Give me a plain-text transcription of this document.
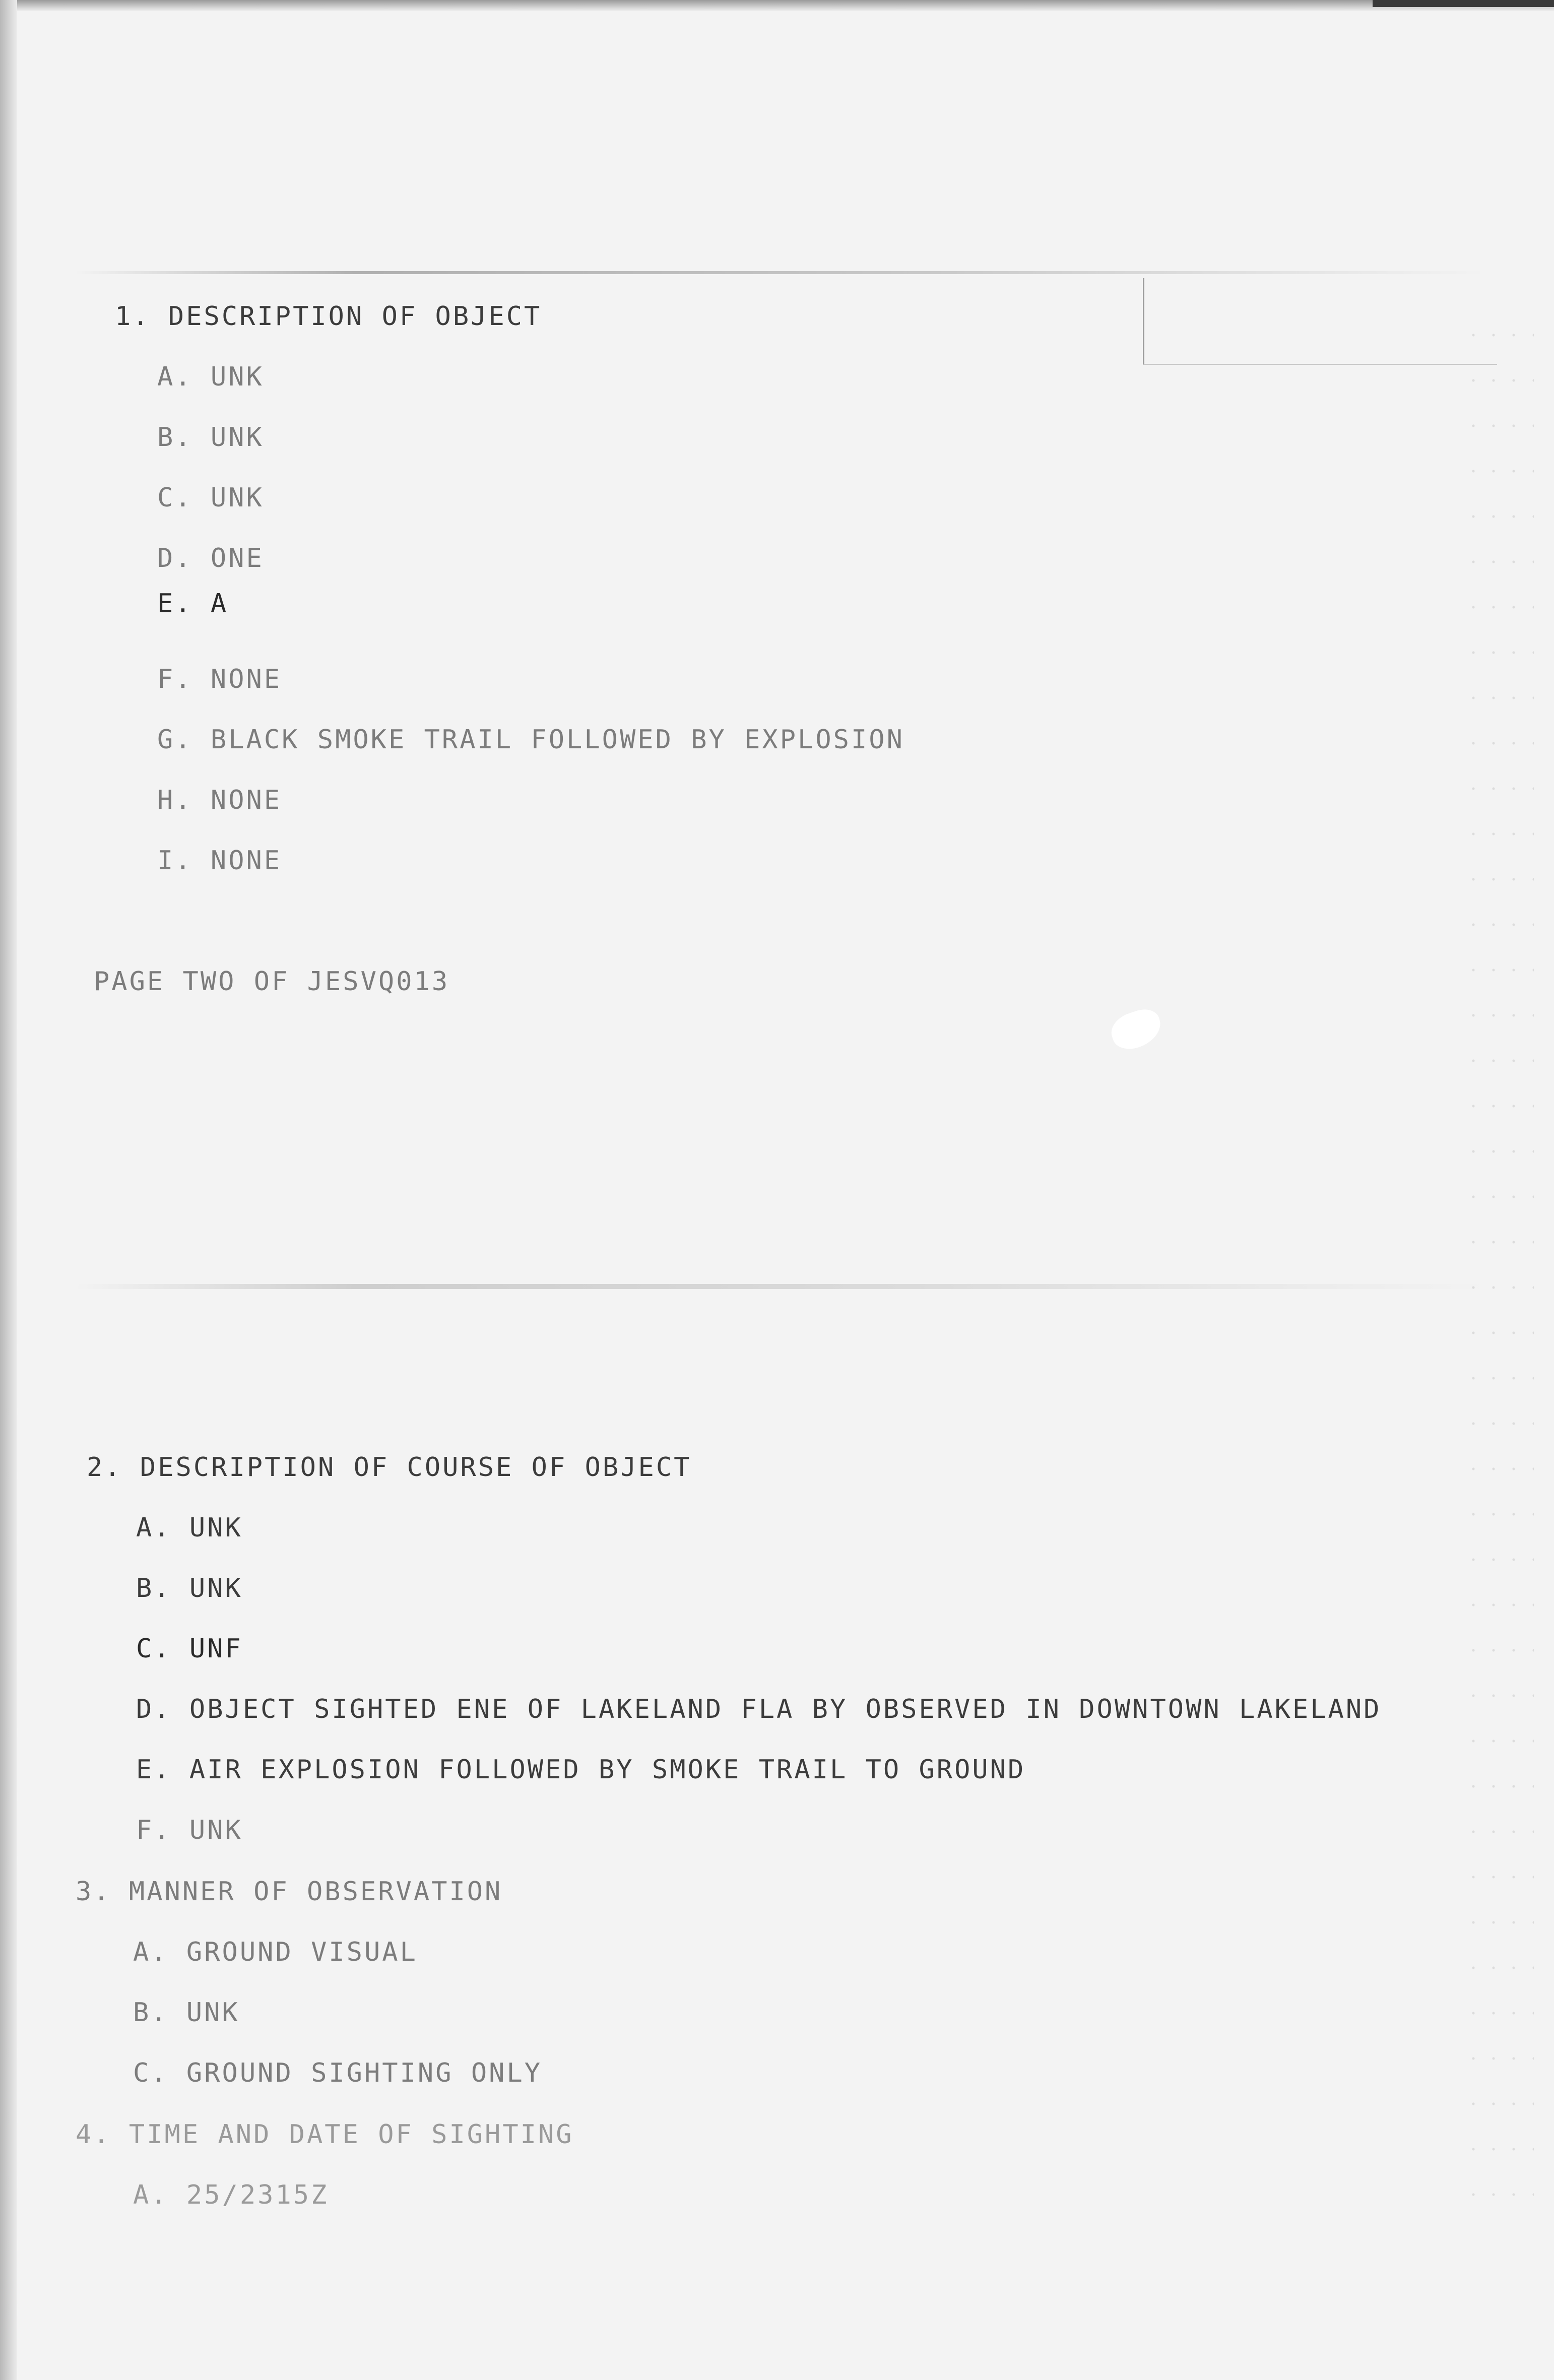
1. DESCRIPTION OF OBJECT
A. UNK
B. UNK
C. UNK
D. ONE
E. A
F. NONE
G. BLACK SMOKE TRAIL FOLLOWED BY EXPLOSION
H. NONE
I. NONE
PAGE TWO OF JESVQ013
2. DESCRIPTION OF COURSE OF OBJECT
A. UNK
B. UNK
C. UNF
D. OBJECT SIGHTED ENE OF LAKELAND FLA BY OBSERVED IN DOWNTOWN LAKELAND
E. AIR EXPLOSION FOLLOWED BY SMOKE TRAIL TO GROUND
F. UNK
3. MANNER OF OBSERVATION
A. GROUND VISUAL
B. UNK
C. GROUND SIGHTING ONLY
4. TIME AND DATE OF SIGHTING
A. 25/2315Z
